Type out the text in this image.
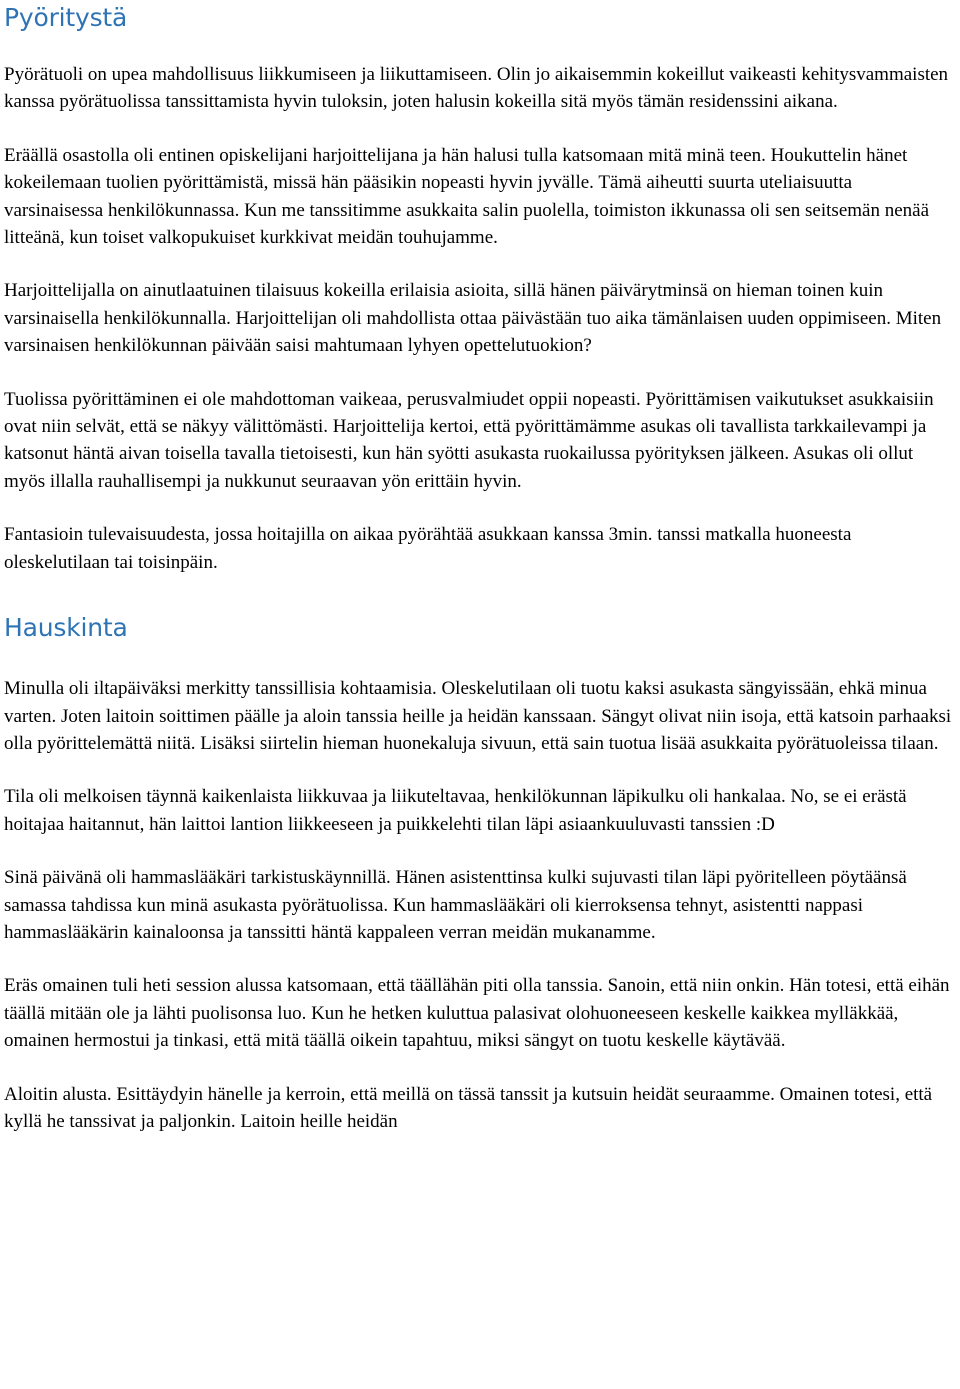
Pyöritystä

Pyörätuoli on upea mahdollisuus liikkumiseen ja liikuttamiseen. Olin jo aikaisemmin kokeillut vaikeasti kehitysvammaisten kanssa pyörätuolissa tanssittamista hyvin tuloksin, joten halusin kokeilla sitä myös tämän residenssini aikana.

Eräällä osastolla oli entinen opiskelijani harjoittelijana ja hän halusi tulla katsomaan mitä minä teen. Houkuttelin hänet kokeilemaan tuolien pyörittämistä, missä hän pääsikin nopeasti hyvin jyvälle. Tämä aiheutti suurta uteliaisuutta varsinaisessa henkilökunnassa. Kun me tanssitimme asukkaita salin puolella, toimiston ikkunassa oli sen seitsemän nenää litteänä, kun toiset valkopukuiset kurkkivat meidän touhujamme.

Harjoittelijalla on ainutlaatuinen tilaisuus kokeilla erilaisia asioita, sillä hänen päivärytminsä on hieman toinen kuin varsinaisella henkilökunnalla. Harjoittelijan oli mahdollista ottaa päivästään tuo aika tämänlaisen uuden oppimiseen. Miten varsinaisen henkilökunnan päivään saisi mahtumaan lyhyen opettelutuokion?

Tuolissa pyörittäminen ei ole mahdottoman vaikeaa, perusvalmiudet oppii nopeasti. Pyörittämisen vaikutukset asukkaisiin ovat niin selvät, että se näkyy välittömästi. Harjoittelija kertoi, että pyörittämämme asukas oli tavallista tarkkailevampi ja katsonut häntä aivan toisella tavalla tietoisesti, kun hän syötti asukasta ruokailussa pyörityksen jälkeen. Asukas oli ollut myös illalla rauhallisempi ja nukkunut seuraavan yön erittäin hyvin.

Fantasioin tulevaisuudesta, jossa hoitajilla on aikaa pyörähtää asukkaan kanssa 3min. tanssi matkalla huoneesta oleskelutilaan tai toisinpäin.

Hauskinta

Minulla oli iltapäiväksi merkitty tanssillisia kohtaamisia. Oleskelutilaan oli tuotu kaksi asukasta sängyissään, ehkä minua varten. Joten laitoin soittimen päälle ja aloin tanssia heille ja heidän kanssaan. Sängyt olivat niin isoja, että katsoin parhaaksi olla pyörittelemättä niitä. Lisäksi siirtelin hieman huonekaluja sivuun, että sain tuotua lisää asukkaita pyörätuoleissa tilaan.

Tila oli melkoisen täynnä kaikenlaista liikkuvaa ja liikuteltavaa, henkilökunnan läpikulku oli hankalaa. No, se ei erästä hoitajaa haitannut, hän laittoi lantion liikkeeseen ja puikkelehti tilan läpi asiaankuuluvasti tanssien :D

Sinä päivänä oli hammaslääkäri tarkistuskäynnillä. Hänen asistenttinsa kulki sujuvasti tilan läpi pyöritelleen pöytäänsä samassa tahdissa kun minä asukasta pyörätuolissa. Kun hammaslääkäri oli kierroksensa tehnyt, asistentti nappasi hammaslääkärin kainaloonsa ja tanssitti häntä kappaleen verran meidän mukanamme.

Eräs omainen tuli heti session alussa katsomaan, että täällähän piti olla tanssia. Sanoin, että niin onkin. Hän totesi, että eihän täällä mitään ole ja lähti puolisonsa luo. Kun he hetken kuluttua palasivat olohuoneeseen keskelle kaikkea mylläkkää, omainen hermostui ja tinkasi, että mitä täällä oikein tapahtuu, miksi sängyt on tuotu keskelle käytävää.

Aloitin alusta. Esittäydyin hänelle ja kerroin, että meillä on tässä tanssit ja kutsuin heidät seuraamme. Omainen totesi, että kyllä he tanssivat ja paljonkin. Laitoin heille heidän
